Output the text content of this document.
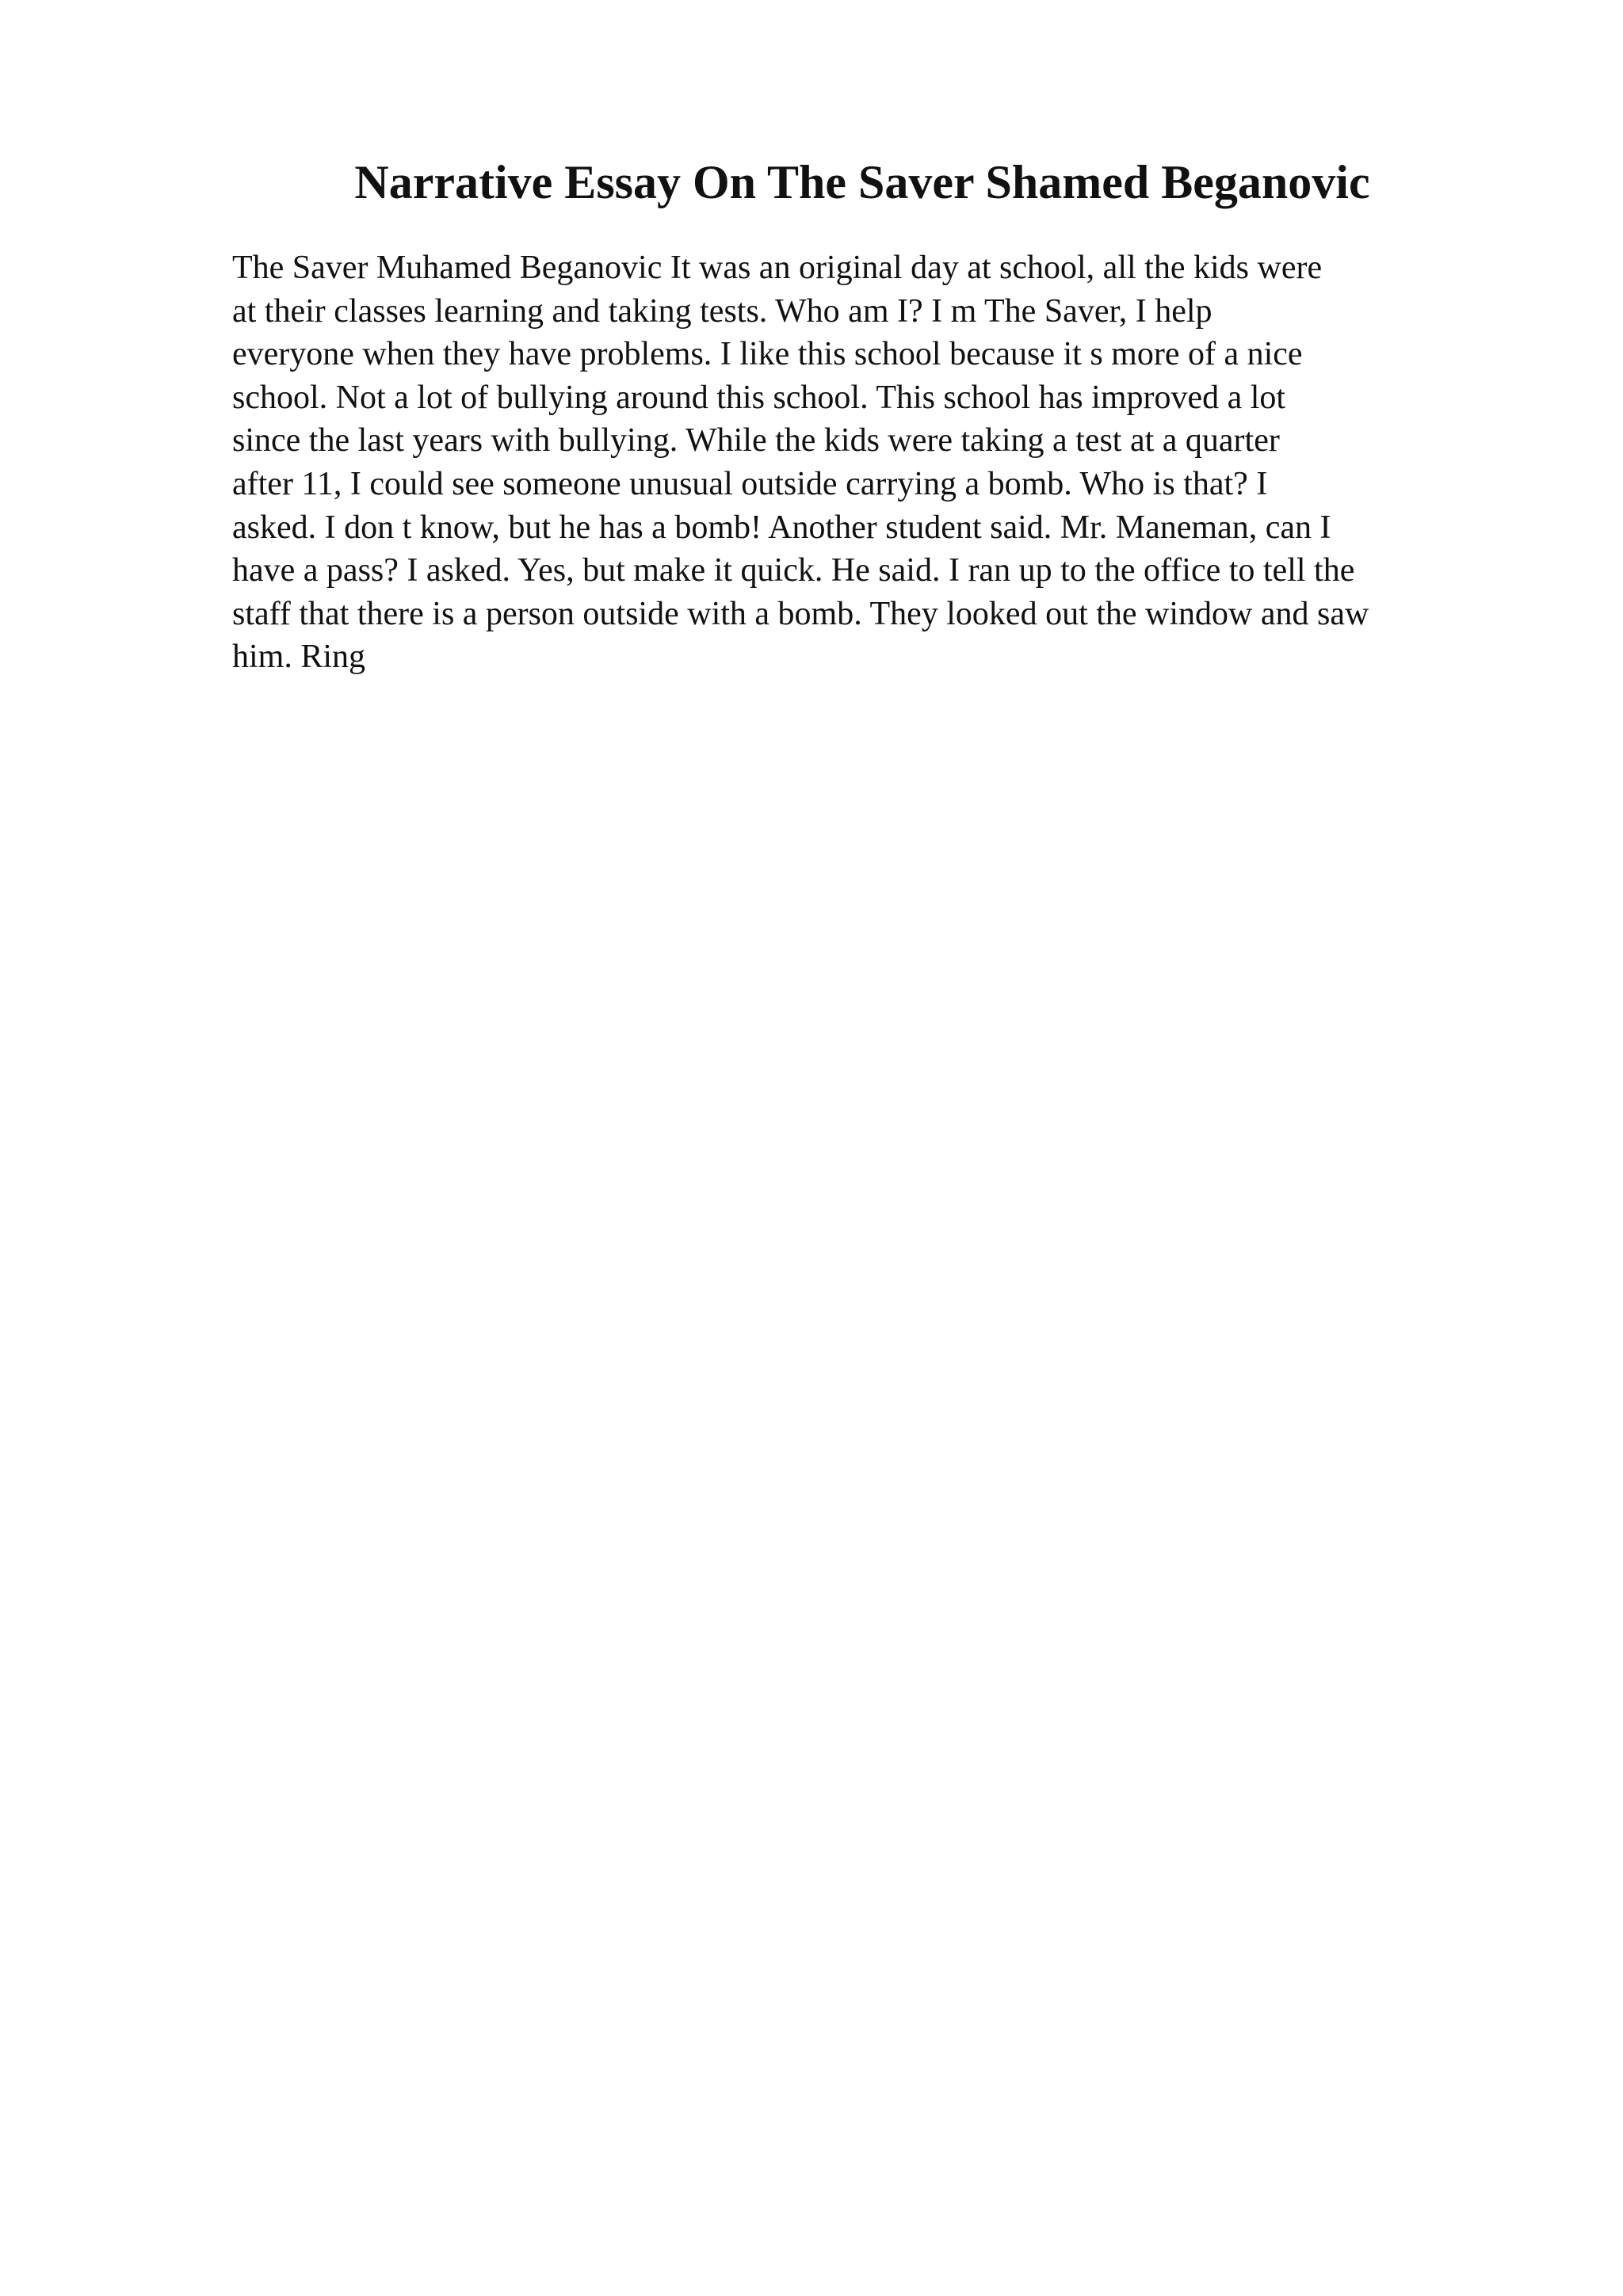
Narrative Essay On The Saver Shamed Beganovic
The Saver Muhamed Beganovic It was an original day at school, all the kids were
at their classes learning and taking tests. Who am I? I m The Saver, I help
everyone when they have problems. I like this school because it s more of a nice
school. Not a lot of bullying around this school. This school has improved a lot
since the last years with bullying. While the kids were taking a test at a quarter
after 11, I could see someone unusual outside carrying a bomb. Who is that? I
asked. I don t know, but he has a bomb! Another student said. Mr. Maneman, can I
have a pass? I asked. Yes, but make it quick. He said. I ran up to the office to tell the
staff that there is a person outside with a bomb. They looked out the window and saw
him. Ring
